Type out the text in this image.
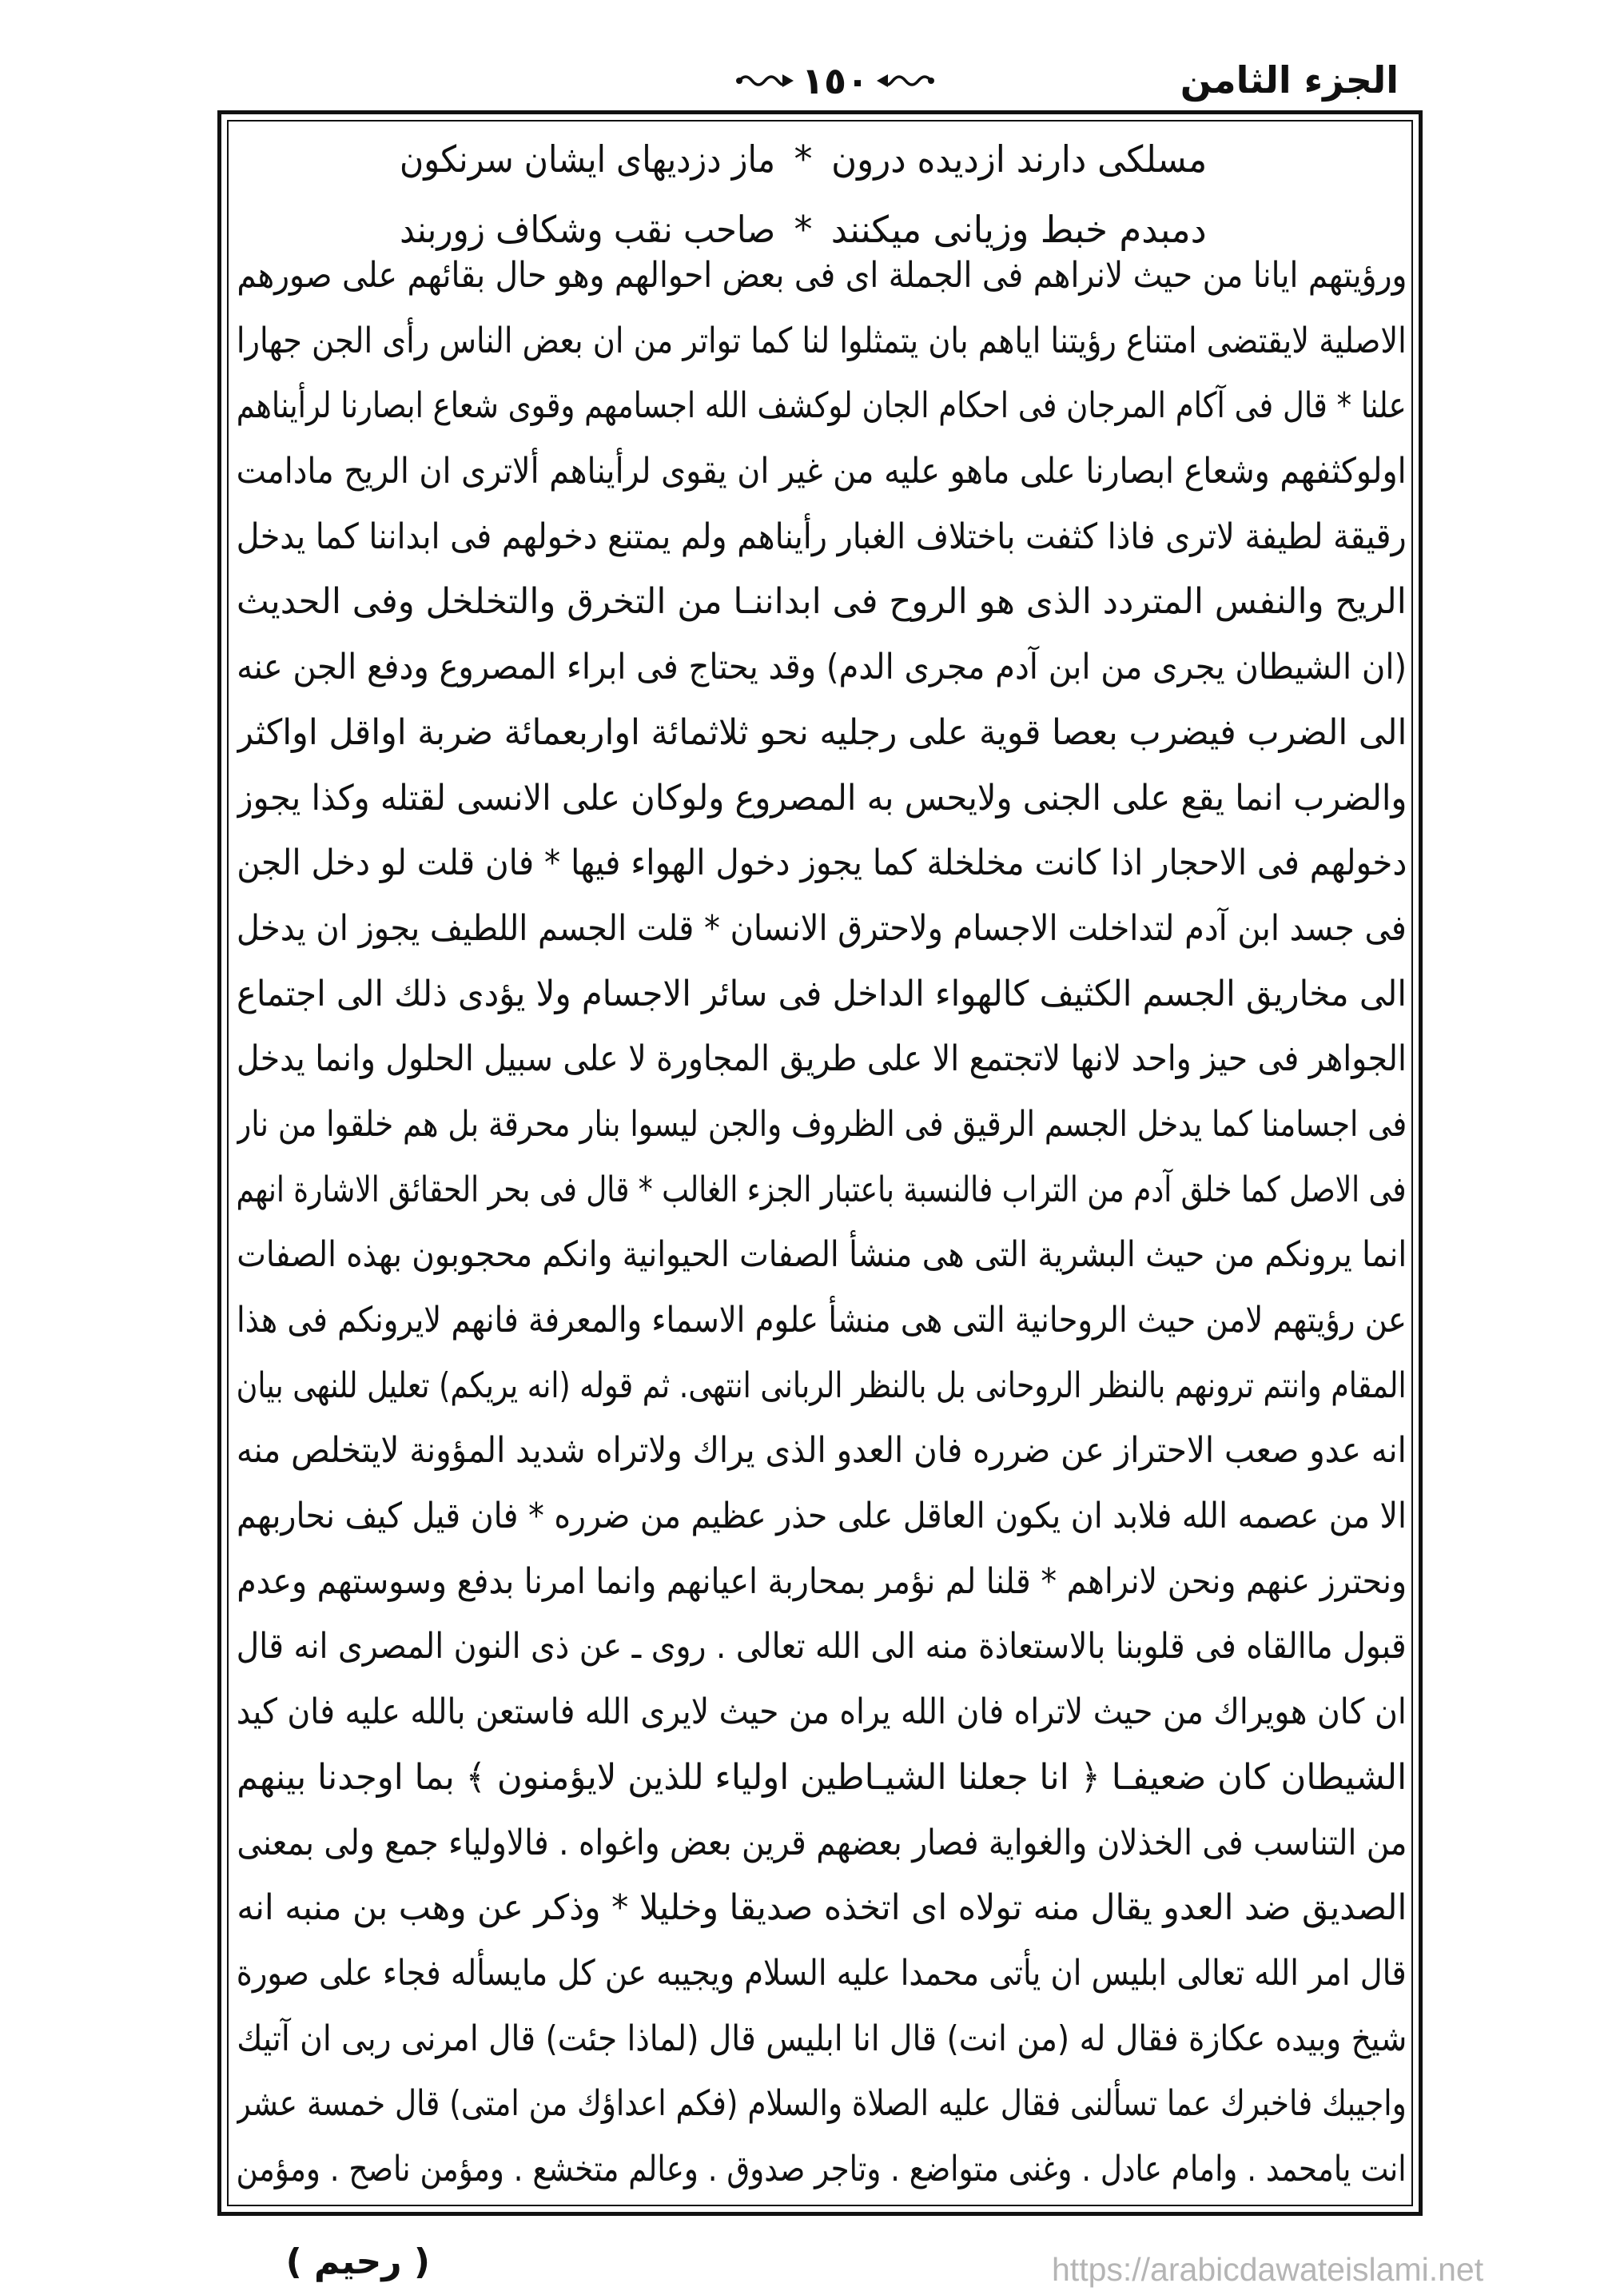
الجزء الثامن
١٥٠
مسلكى دارند ازديده درون
*
ماز دزديهاى ايشان سرنكون
دمبدم خبط وزيانى ميكنند
*
صاحب نقب وشكاف زوربند
ورؤيتهم ايانا من حيث لانراهم فى الجملة اى فى بعض احوالهم وهو حال بقائهم على صورهم
الاصلية لايقتضى امتناع رؤيتنا اياهم بان يتمثلوا لنا كما تواتر من ان بعض الناس رأى الجن جهارا
علنا * قال فى آكام المرجان فى احكام الجان لوكشف الله اجسامهم وقوى شعاع ابصارنا لرأيناهم
اولوكثفهم وشعاع ابصارنا على ماهو عليه من غير ان يقوى لرأيناهم ألاترى ان الريح مادامت
رقيقة لطيفة لاترى فاذا كثفت باختلاف الغبار رأيناهم ولم يمتنع دخولهم فى ابداننا كما يدخل
الريح والنفس المتردد الذى هو الروح فى ابداننـا من التخرق والتخلخل وفى الحديث
(ان الشيطان يجرى من ابن آدم مجرى الدم) وقد يحتاج فى ابراء المصروع ودفع الجن عنه
الى الضرب فيضرب بعصا قوية على رجليه نحو ثلاثمائة اواربعمائة ضربة اواقل اواكثر
والضرب انما يقع على الجنى ولايحس به المصروع ولوكان على الانسى لقتله وكذا يجوز
دخولهم فى الاحجار اذا كانت مخلخلة كما يجوز دخول الهواء فيها * فان قلت لو دخل الجن
فى جسد ابن آدم لتداخلت الاجسام ولاحترق الانسان * قلت الجسم اللطيف يجوز ان يدخل
الى مخاريق الجسم الكثيف كالهواء الداخل فى سائر الاجسام ولا يؤدى ذلك الى اجتماع
الجواهر فى حيز واحد لانها لاتجتمع الا على طريق المجاورة لا على سبيل الحلول وانما يدخل
فى اجسامنا كما يدخل الجسم الرقيق فى الظروف والجن ليسوا بنار محرقة بل هم خلقوا من نار
فى الاصل كما خلق آدم من التراب فالنسبة باعتبار الجزء الغالب * قال فى بحر الحقائق الاشارة انهم
انما يرونكم من حيث البشرية التى هى منشأ الصفات الحيوانية وانكم محجوبون بهذه الصفات
عن رؤيتهم لامن حيث الروحانية التى هى منشأ علوم الاسماء والمعرفة فانهم لايرونكم فى هذا
المقام وانتم ترونهم بالنظر الروحانى بل بالنظر الربانى انتهى. ثم قوله (انه يريكم) تعليل للنهى بيان
انه عدو صعب الاحتراز عن ضرره فان العدو الذى يراك ولاتراه شديد المؤونة لايتخلص منه
الا من عصمه الله فلابد ان يكون العاقل على حذر عظيم من ضرره * فان قيل كيف نحاربهم
ونحترز عنهم ونحن لانراهم * قلنا لم نؤمر بمحاربة اعيانهم وانما امرنا بدفع وسوستهم وعدم
قبول ماالقاه فى قلوبنا بالاستعاذة منه الى الله تعالى . روى ـ عن ذى النون المصرى انه قال
ان كان هويراك من حيث لاتراه فان الله يراه من حيث لايرى الله فاستعن بالله عليه فان كيد
الشيطان كان ضعيفـا ﴿ انا جعلنا الشيـاطين اولياء للذين لايؤمنون ﴾ بما اوجدنا بينهم
من التناسب فى الخذلان والغواية فصار بعضهم قرين بعض واغواه . فالاولياء جمع ولى بمعنى
الصديق ضد العدو يقال منه تولاه اى اتخذه صديقا وخليلا * وذكر عن وهب بن منبه انه
قال امر الله تعالى ابليس ان يأتى محمدا عليه السلام ويجيبه عن كل مايسأله فجاء على صورة
شيخ وبيده عكازة فقال له (من انت) قال انا ابليس قال (لماذا جئت) قال امرنى ربى ان آتيك
واجيبك فاخبرك عما تسألنى فقال عليه الصلاة والسلام (فكم اعداؤك من امتى) قال خمسة عشر
انت يامحمد . وامام عادل . وغنى متواضع . وتاجر صدوق . وعالم متخشع . ومؤمن ناصح . ومؤمن
( رحيم )	https://arabicdawateislami.net
